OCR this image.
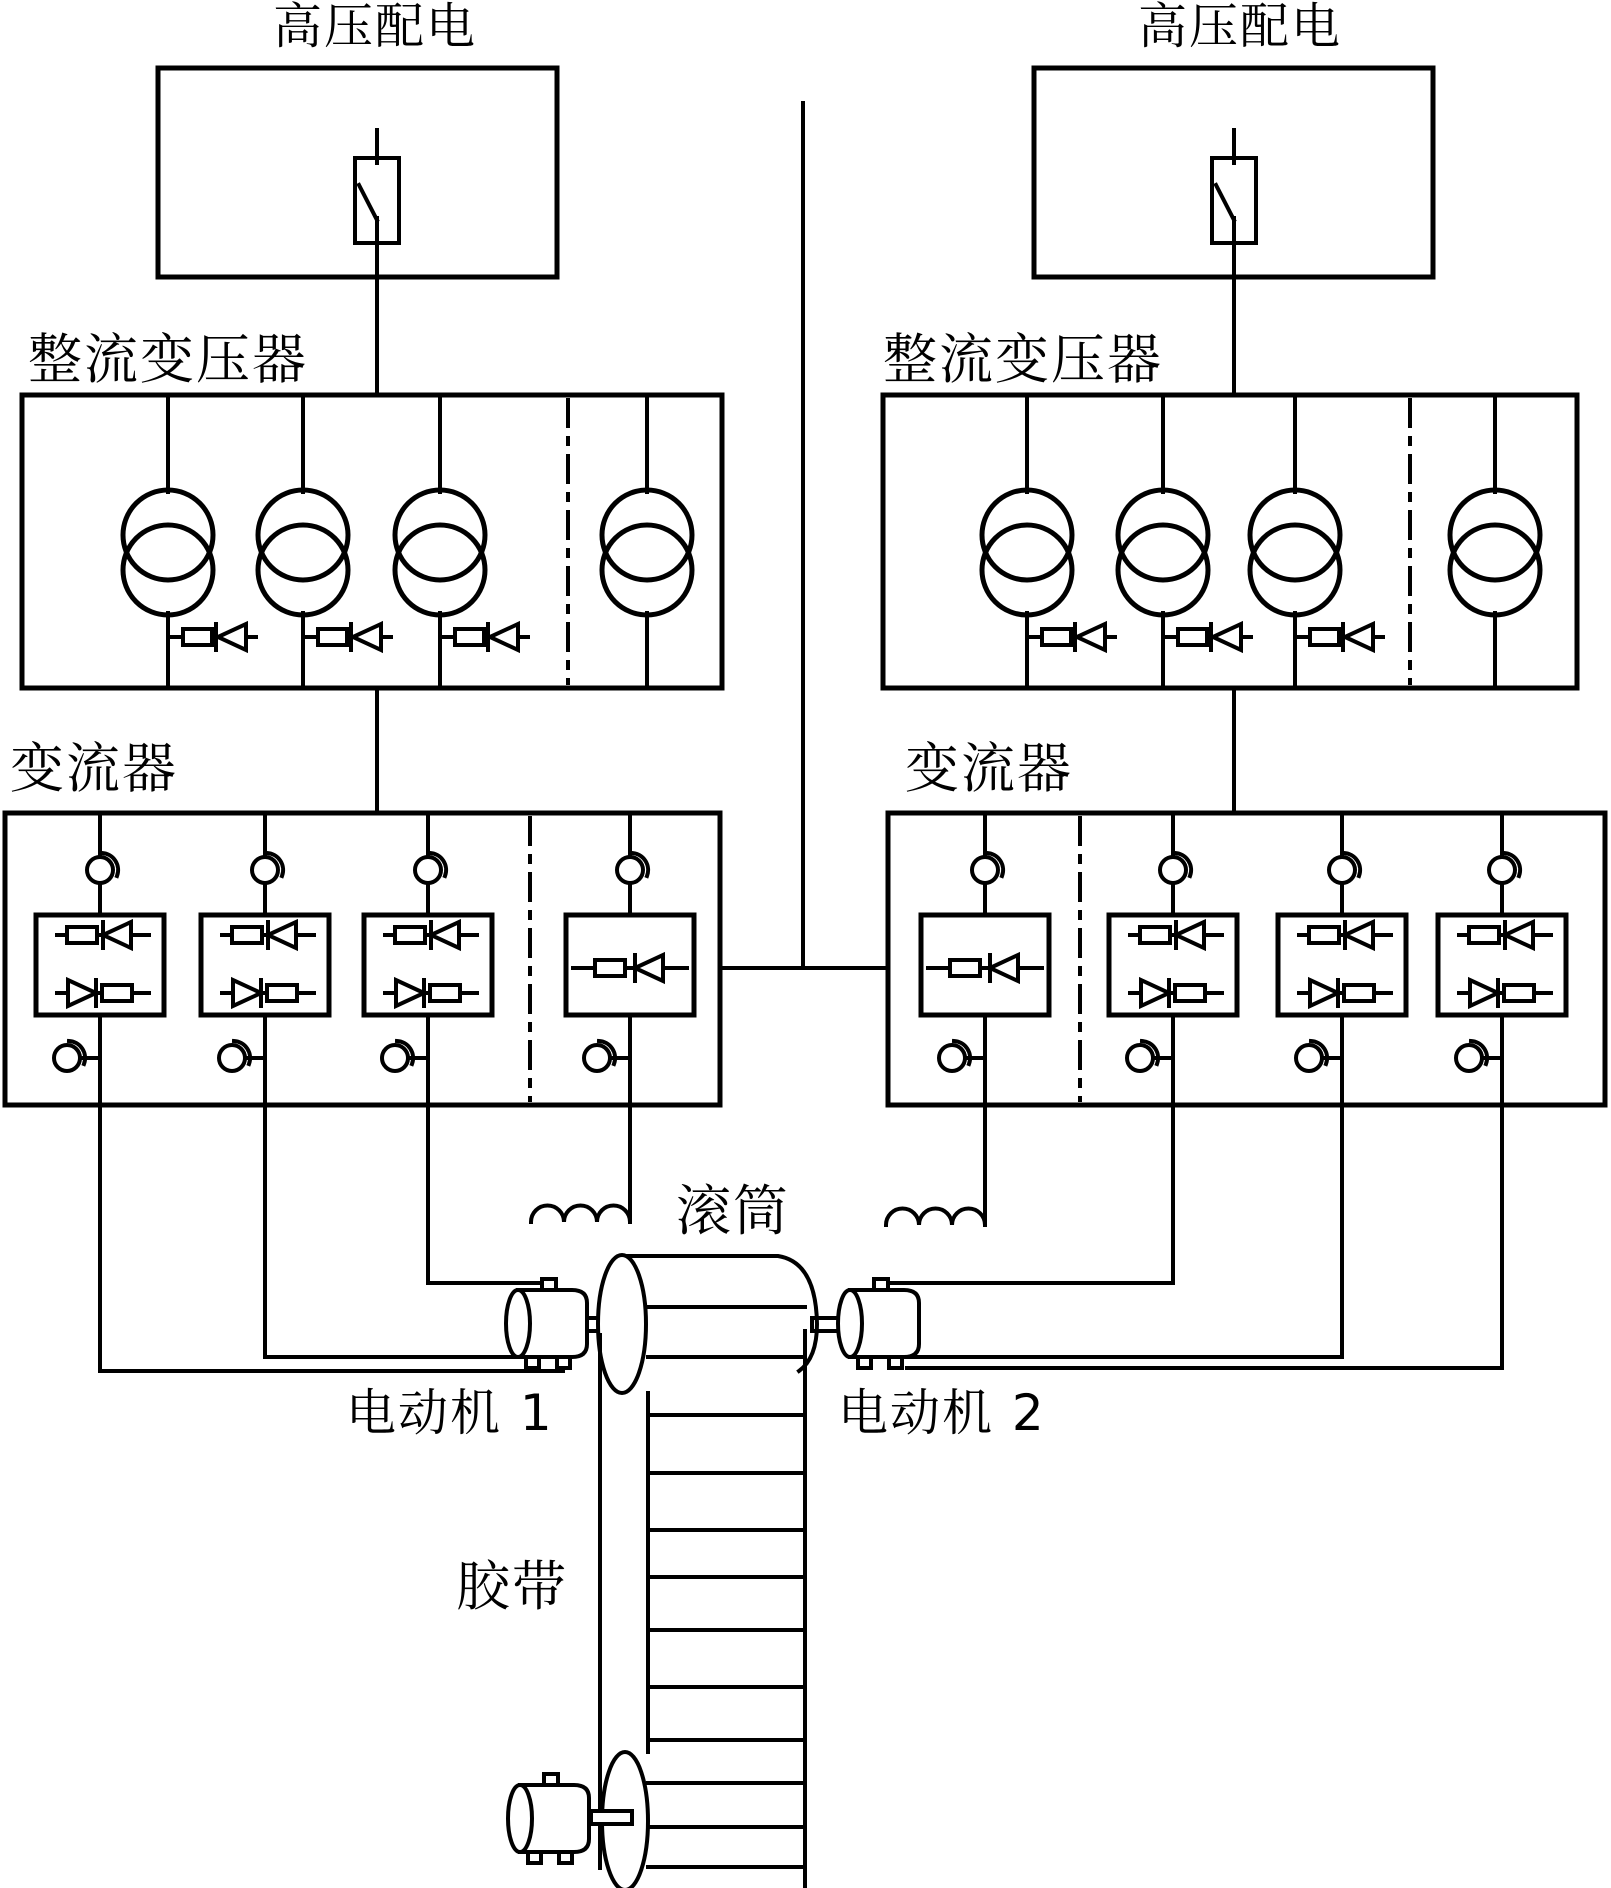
高压配电	高压配电
整流变压器	整流变压器
变流器	变流器
滚筒
电动机 1	电动机 2
胶带
